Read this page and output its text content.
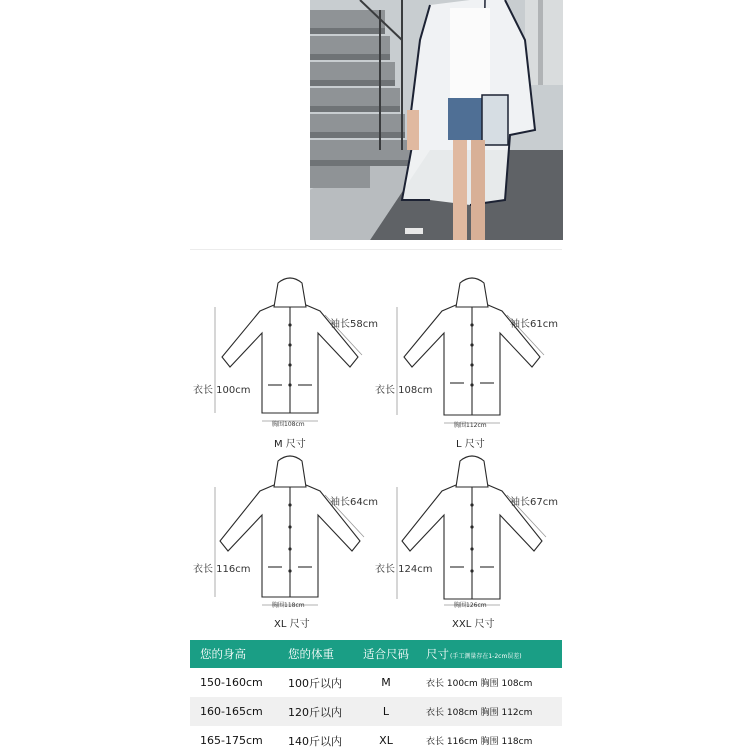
袖长58cm
衣长 100cm
胸围108cm
M 尺寸
袖长61cm
衣长 108cm
胸围112cm
L 尺寸
袖长64cm
衣长 116cm
胸围118cm
XL 尺寸
袖长67cm
衣长 124cm
胸围126cm
XXL 尺寸
您的身高	您的体重	适合尺码	尺寸(手工测量存在1-2cm误差)
150-160cm	100斤以内	M	衣长 100cm 胸围 108cm
160-165cm	120斤以内	L	衣长 108cm 胸围 112cm
165-175cm	140斤以内	XL	衣长 116cm 胸围 118cm
